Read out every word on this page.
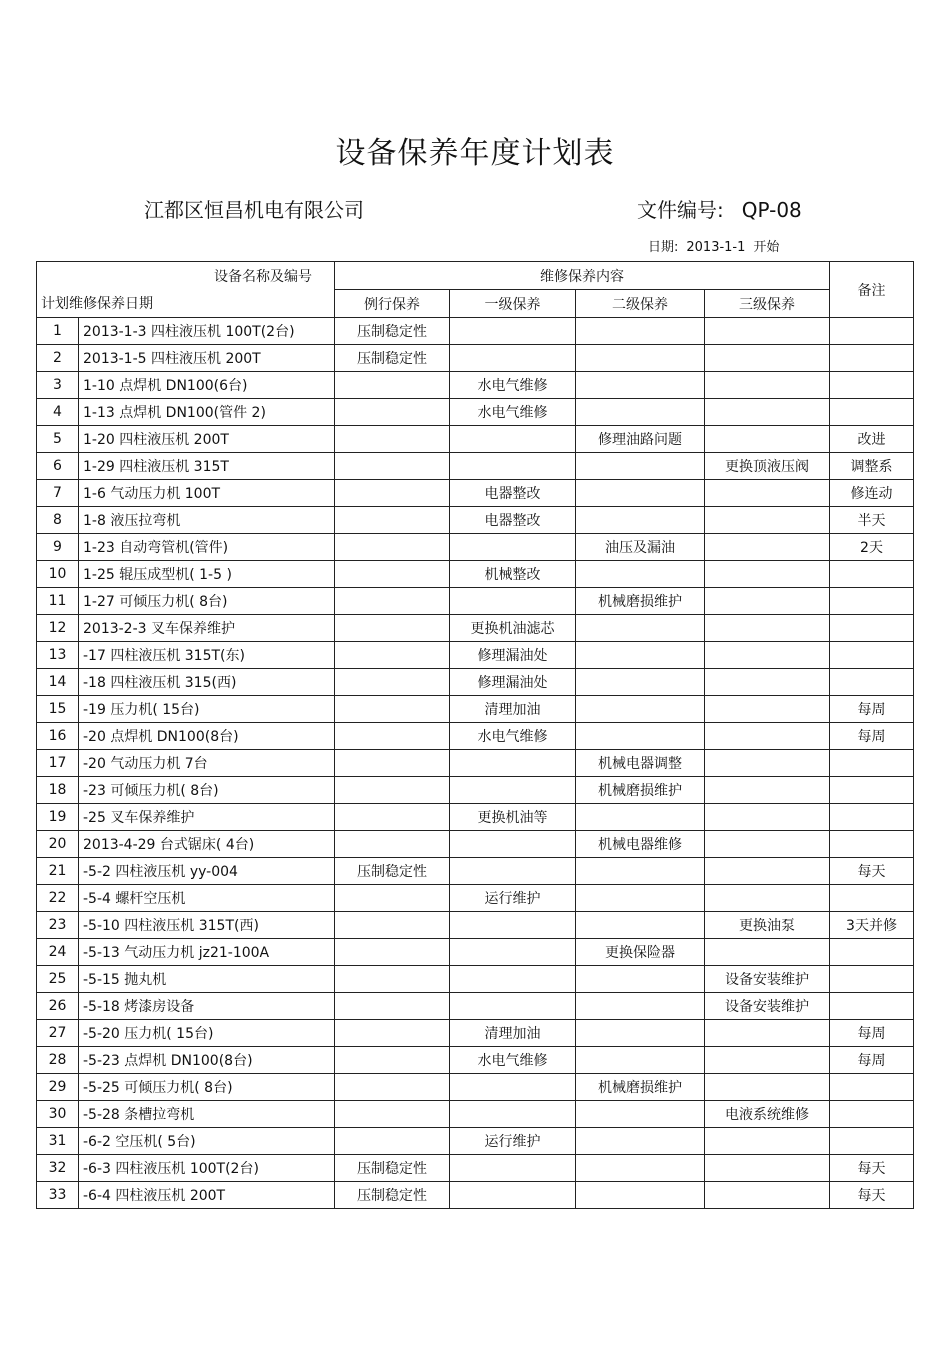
设备保养年度计划表
江都区恒昌机电有限公司	文件编号: QP-08
日期: 2013-1-1 开始
设备名称及编号		维修保养内容				备注
计划维修保养日期		例行保养	一级保养	二级保养	三级保养	
1	2013-1-3 四柱液压机 100T(2台)	压制稳定性				
2	2013-1-5 四柱液压机 200T	压制稳定性				
3	1-10 点焊机 DN100(6台)		水电气维修			
4	1-13 点焊机 DN100(管件 2)		水电气维修			
5	1-20 四柱液压机 200T			修理油路问题		改进
6	1-29 四柱液压机 315T				更换顶液压阀	调整系
7	1-6 气动压力机 100T		电器整改			修连动
8	1-8 液压拉弯机		电器整改			半天
9	1-23 自动弯管机(管件)			油压及漏油		2天
10	1-25 辊压成型机( 1-5 )		机械整改			
11	1-27 可倾压力机( 8台)			机械磨损维护		
12	2013-2-3 叉车保养维护		更换机油滤芯			
13	-17 四柱液压机 315T(东)		修理漏油处			
14	-18 四柱液压机 315(西)		修理漏油处			
15	-19 压力机( 15台)		清理加油			每周
16	-20 点焊机 DN100(8台)		水电气维修			每周
17	-20 气动压力机 7台			机械电器调整		
18	-23 可倾压力机( 8台)			机械磨损维护		
19	-25 叉车保养维护		更换机油等			
20	2013-4-29 台式锯床( 4台)			机械电器维修		
21	-5-2 四柱液压机 yy-004	压制稳定性				每天
22	-5-4 螺杆空压机		运行维护			
23	-5-10 四柱液压机 315T(西)				更换油泵	3天并修
24	-5-13 气动压力机 jz21-100A			更换保险器		
25	-5-15 抛丸机				设备安装维护	
26	-5-18 烤漆房设备				设备安装维护	
27	-5-20 压力机( 15台)		清理加油			每周
28	-5-23 点焊机 DN100(8台)		水电气维修			每周
29	-5-25 可倾压力机( 8台)			机械磨损维护		
30	-5-28 条槽拉弯机				电液系统维修	
31	-6-2 空压机( 5台)		运行维护			
32	-6-3 四柱液压机 100T(2台)	压制稳定性				每天
33	-6-4 四柱液压机 200T	压制稳定性				每天
